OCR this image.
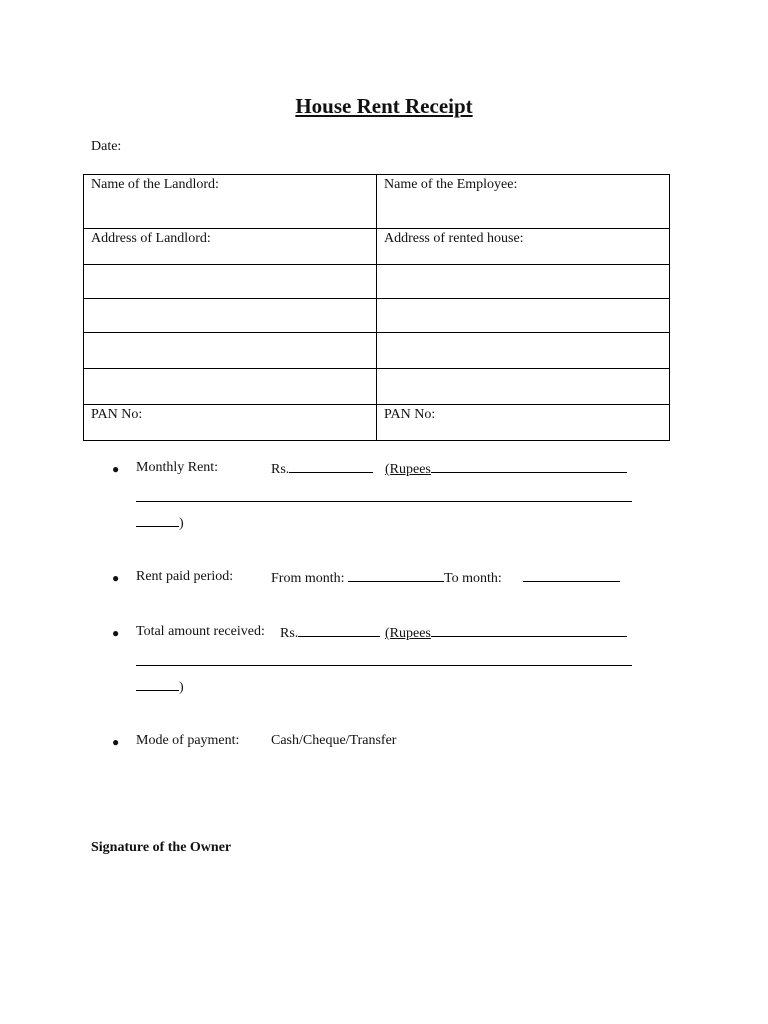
House Rent Receipt
Date:
Name of the Landlord:	Name of the Employee:
Address of Landlord:	Address of rented house:

PAN No:	PAN No:
● Monthly Rent:	Rs.	(Rupees
)
● Rent paid period:	From month:	To month:
● Total amount received: Rs.	(Rupees
)
● Mode of payment: Cash/Cheque/Transfer
Signature of the Owner
